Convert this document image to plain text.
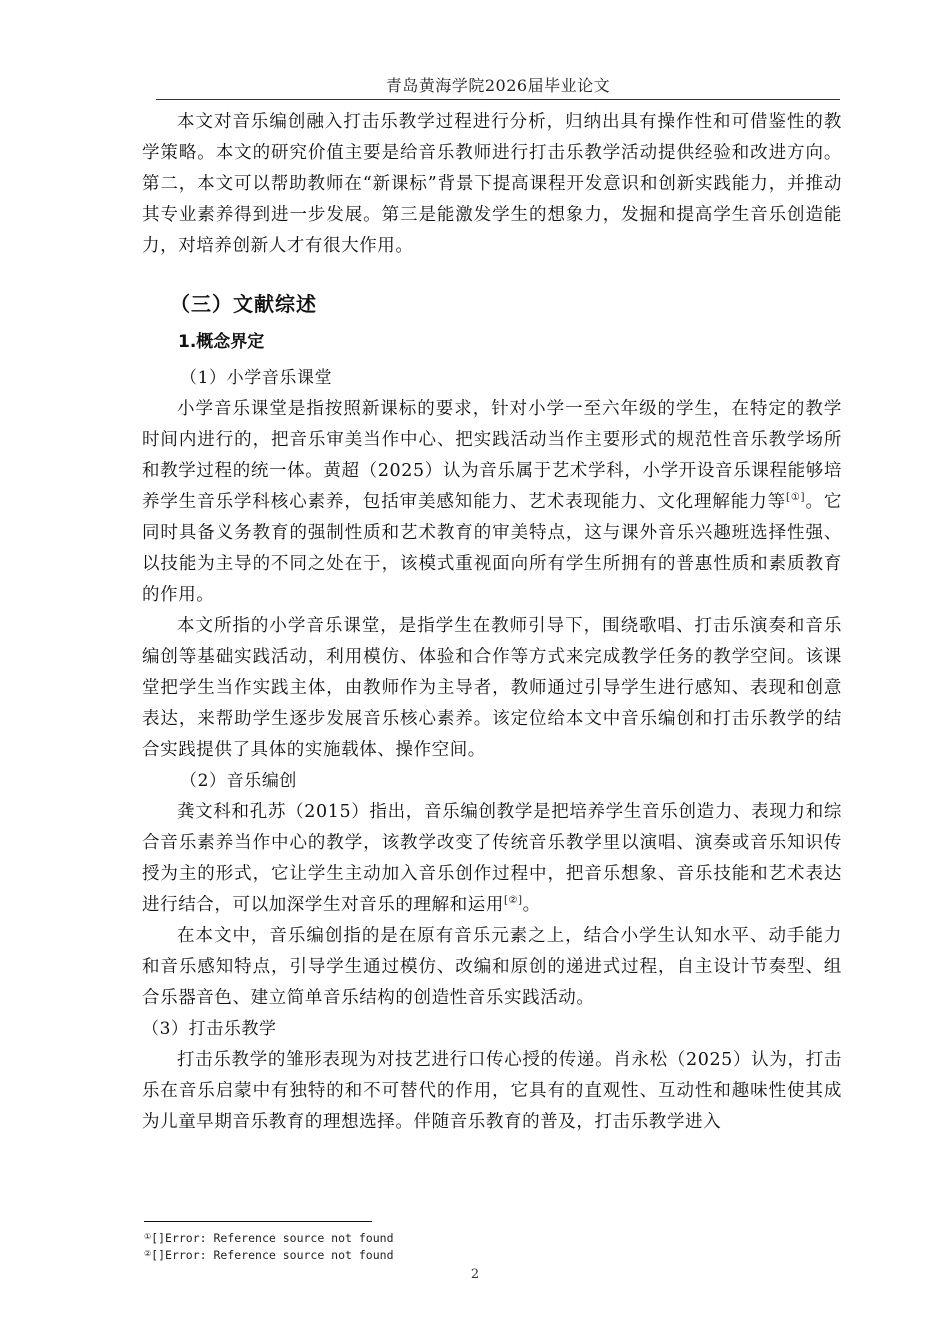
青岛黄海学院2026届毕业论文

本文对音乐编创融入打击乐教学过程进行分析，归纳出具有操作性和可借鉴性的教学策略。本文的研究价值主要是给音乐教师进行打击乐教学活动提供经验和改进方向。第二，本文可以帮助教师在“新课标”背景下提高课程开发意识和创新实践能力，并推动其专业素养得到进一步发展。第三是能激发学生的想象力，发掘和提高学生音乐创造能力，对培养创新人才有很大作用。

（三）文献综述
1.概念界定
（1）小学音乐课堂

小学音乐课堂是指按照新课标的要求，针对小学一至六年级的学生，在特定的教学时间内进行的，把音乐审美当作中心、把实践活动当作主要形式的规范性音乐教学场所和教学过程的统一体。黄超（2025）认为音乐属于艺术学科，小学开设音乐课程能够培养学生音乐学科核心素养，包括审美感知能力、艺术表现能力、文化理解能力等[①]。它同时具备义务教育的强制性质和艺术教育的审美特点，这与课外音乐兴趣班选择性强、以技能为主导的不同之处在于，该模式重视面向所有学生所拥有的普惠性质和素质教育的作用。

本文所指的小学音乐课堂，是指学生在教师引导下，围绕歌唱、打击乐演奏和音乐编创等基础实践活动，利用模仿、体验和合作等方式来完成教学任务的教学空间。该课堂把学生当作实践主体，由教师作为主导者，教师通过引导学生进行感知、表现和创意表达，来帮助学生逐步发展音乐核心素养。该定位给本文中音乐编创和打击乐教学的结合实践提供了具体的实施载体、操作空间。

（2）音乐编创

龚文科和孔苏（2015）指出，音乐编创教学是把培养学生音乐创造力、表现力和综合音乐素养当作中心的教学，该教学改变了传统音乐教学里以演唱、演奏或音乐知识传授为主的形式，它让学生主动加入音乐创作过程中，把音乐想象、音乐技能和艺术表达进行结合，可以加深学生对音乐的理解和运用[②]。

在本文中，音乐编创指的是在原有音乐元素之上，结合小学生认知水平、动手能力和音乐感知特点，引导学生通过模仿、改编和原创的递进式过程，自主设计节奏型、组合乐器音色、建立简单音乐结构的创造性音乐实践活动。

（3）打击乐教学

打击乐教学的雏形表现为对技艺进行口传心授的传递。肖永松（2025）认为，打击乐在音乐启蒙中有独特的和不可替代的作用，它具有的直观性、互动性和趣味性使其成为儿童早期音乐教育的理想选择。伴随音乐教育的普及，打击乐教学进入

①[]Error: Reference source not found
②[]Error: Reference source not found
2
